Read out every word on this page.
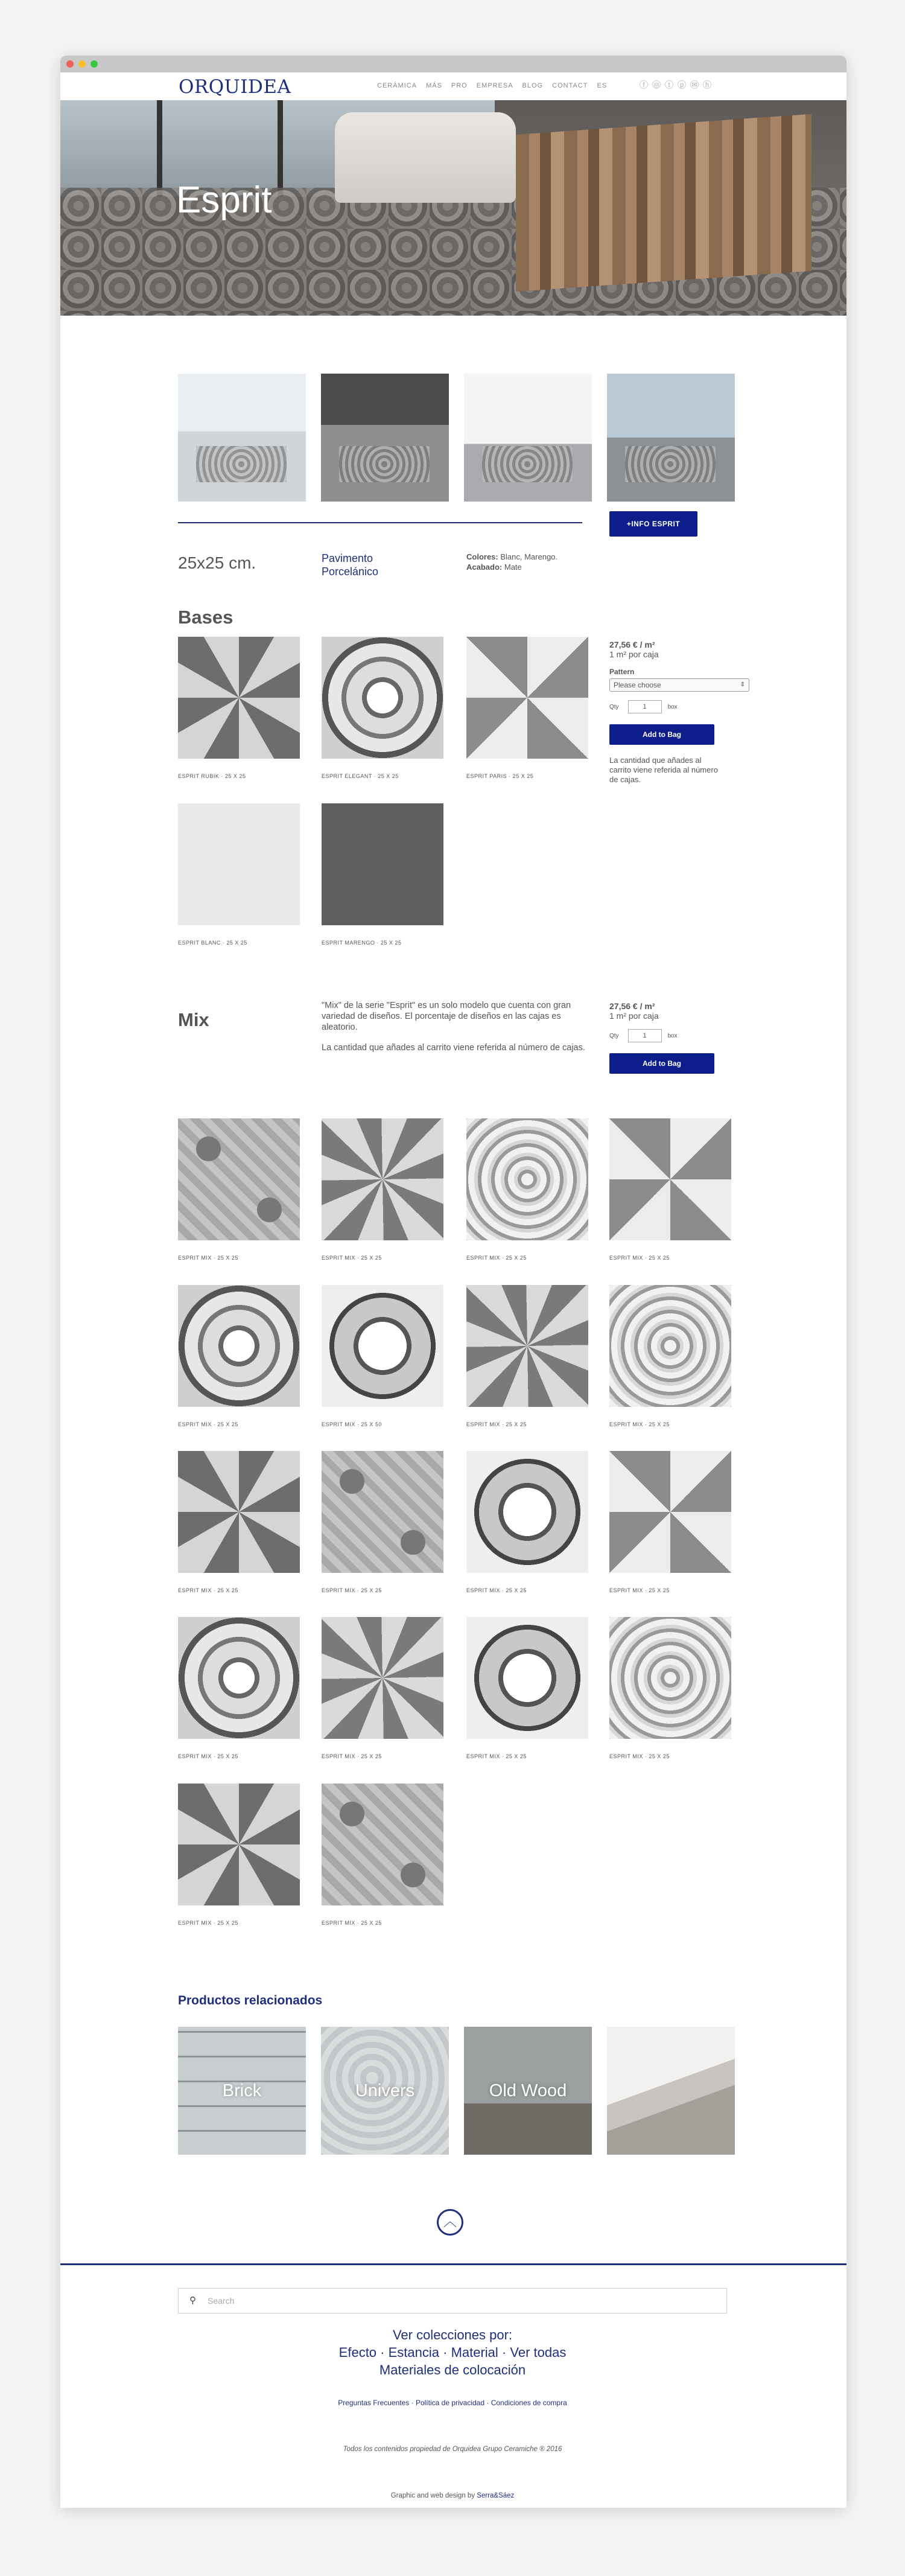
ORQUIDEA	CERÁMICA MÁS PRO EMPRESA BLOG CONTACT ES	f	◎	t	p	✉	h
Esprit
+INFO ESPRIT
25x25 cm.	Pavimento Porcelánico
Colores: Blanc, Marengo.
Acabado: Mate
Bases
ESPRIT RUBIK · 25 X 25	ESPRIT ELEGANT · 25 X 25	ESPRIT PARIS · 25 X 25
ESPRIT BLANC · 25 X 25	ESPRIT MARENGO · 25 X 25
27,56 € / m²
1 m² por caja
Pattern
Please choose	⇕
Qty	1	box
Add to Bag
La cantidad que añades al carrito viene referida al número de cajas.
Mix

"Mix" de la serie "Esprit" es un solo modelo que cuenta con gran variedad de diseños. El porcentaje de diseños en las cajas es aleatorio.

La cantidad que añades al carrito viene referida al número de cajas.

27,56 € / m²
1 m² por caja
Qty	1	box
Add to Bag
ESPRIT MIX · 25 X 25	ESPRIT MIX · 25 X 25	ESPRIT MIX · 25 X 25	ESPRIT MIX · 25 X 25
ESPRIT MIX · 25 X 25	ESPRIT MIX · 25 X 50	ESPRIT MIX · 25 X 25	ESPRIT MIX · 25 X 25
ESPRIT MIX · 25 X 25	ESPRIT MIX · 25 X 25	ESPRIT MIX · 25 X 25	ESPRIT MIX · 25 X 25
ESPRIT MIX · 25 X 25	ESPRIT MIX · 25 X 25	ESPRIT MIX · 25 X 25	ESPRIT MIX · 25 X 25
ESPRIT MIX · 25 X 25	ESPRIT MIX · 25 X 25
Productos relacionados
Brick	Univers	Old Wood
︿
⚲ Search
Ver colecciones por:
Efecto · Estancia · Material · Ver todas
Materiales de colocación
Preguntas Frecuentes · Política de privacidad · Condiciones de compra
Todos los contenidos propiedad de Orquidea Grupo Ceramiche ® 2016
Graphic and web design by Serra&Sáez
